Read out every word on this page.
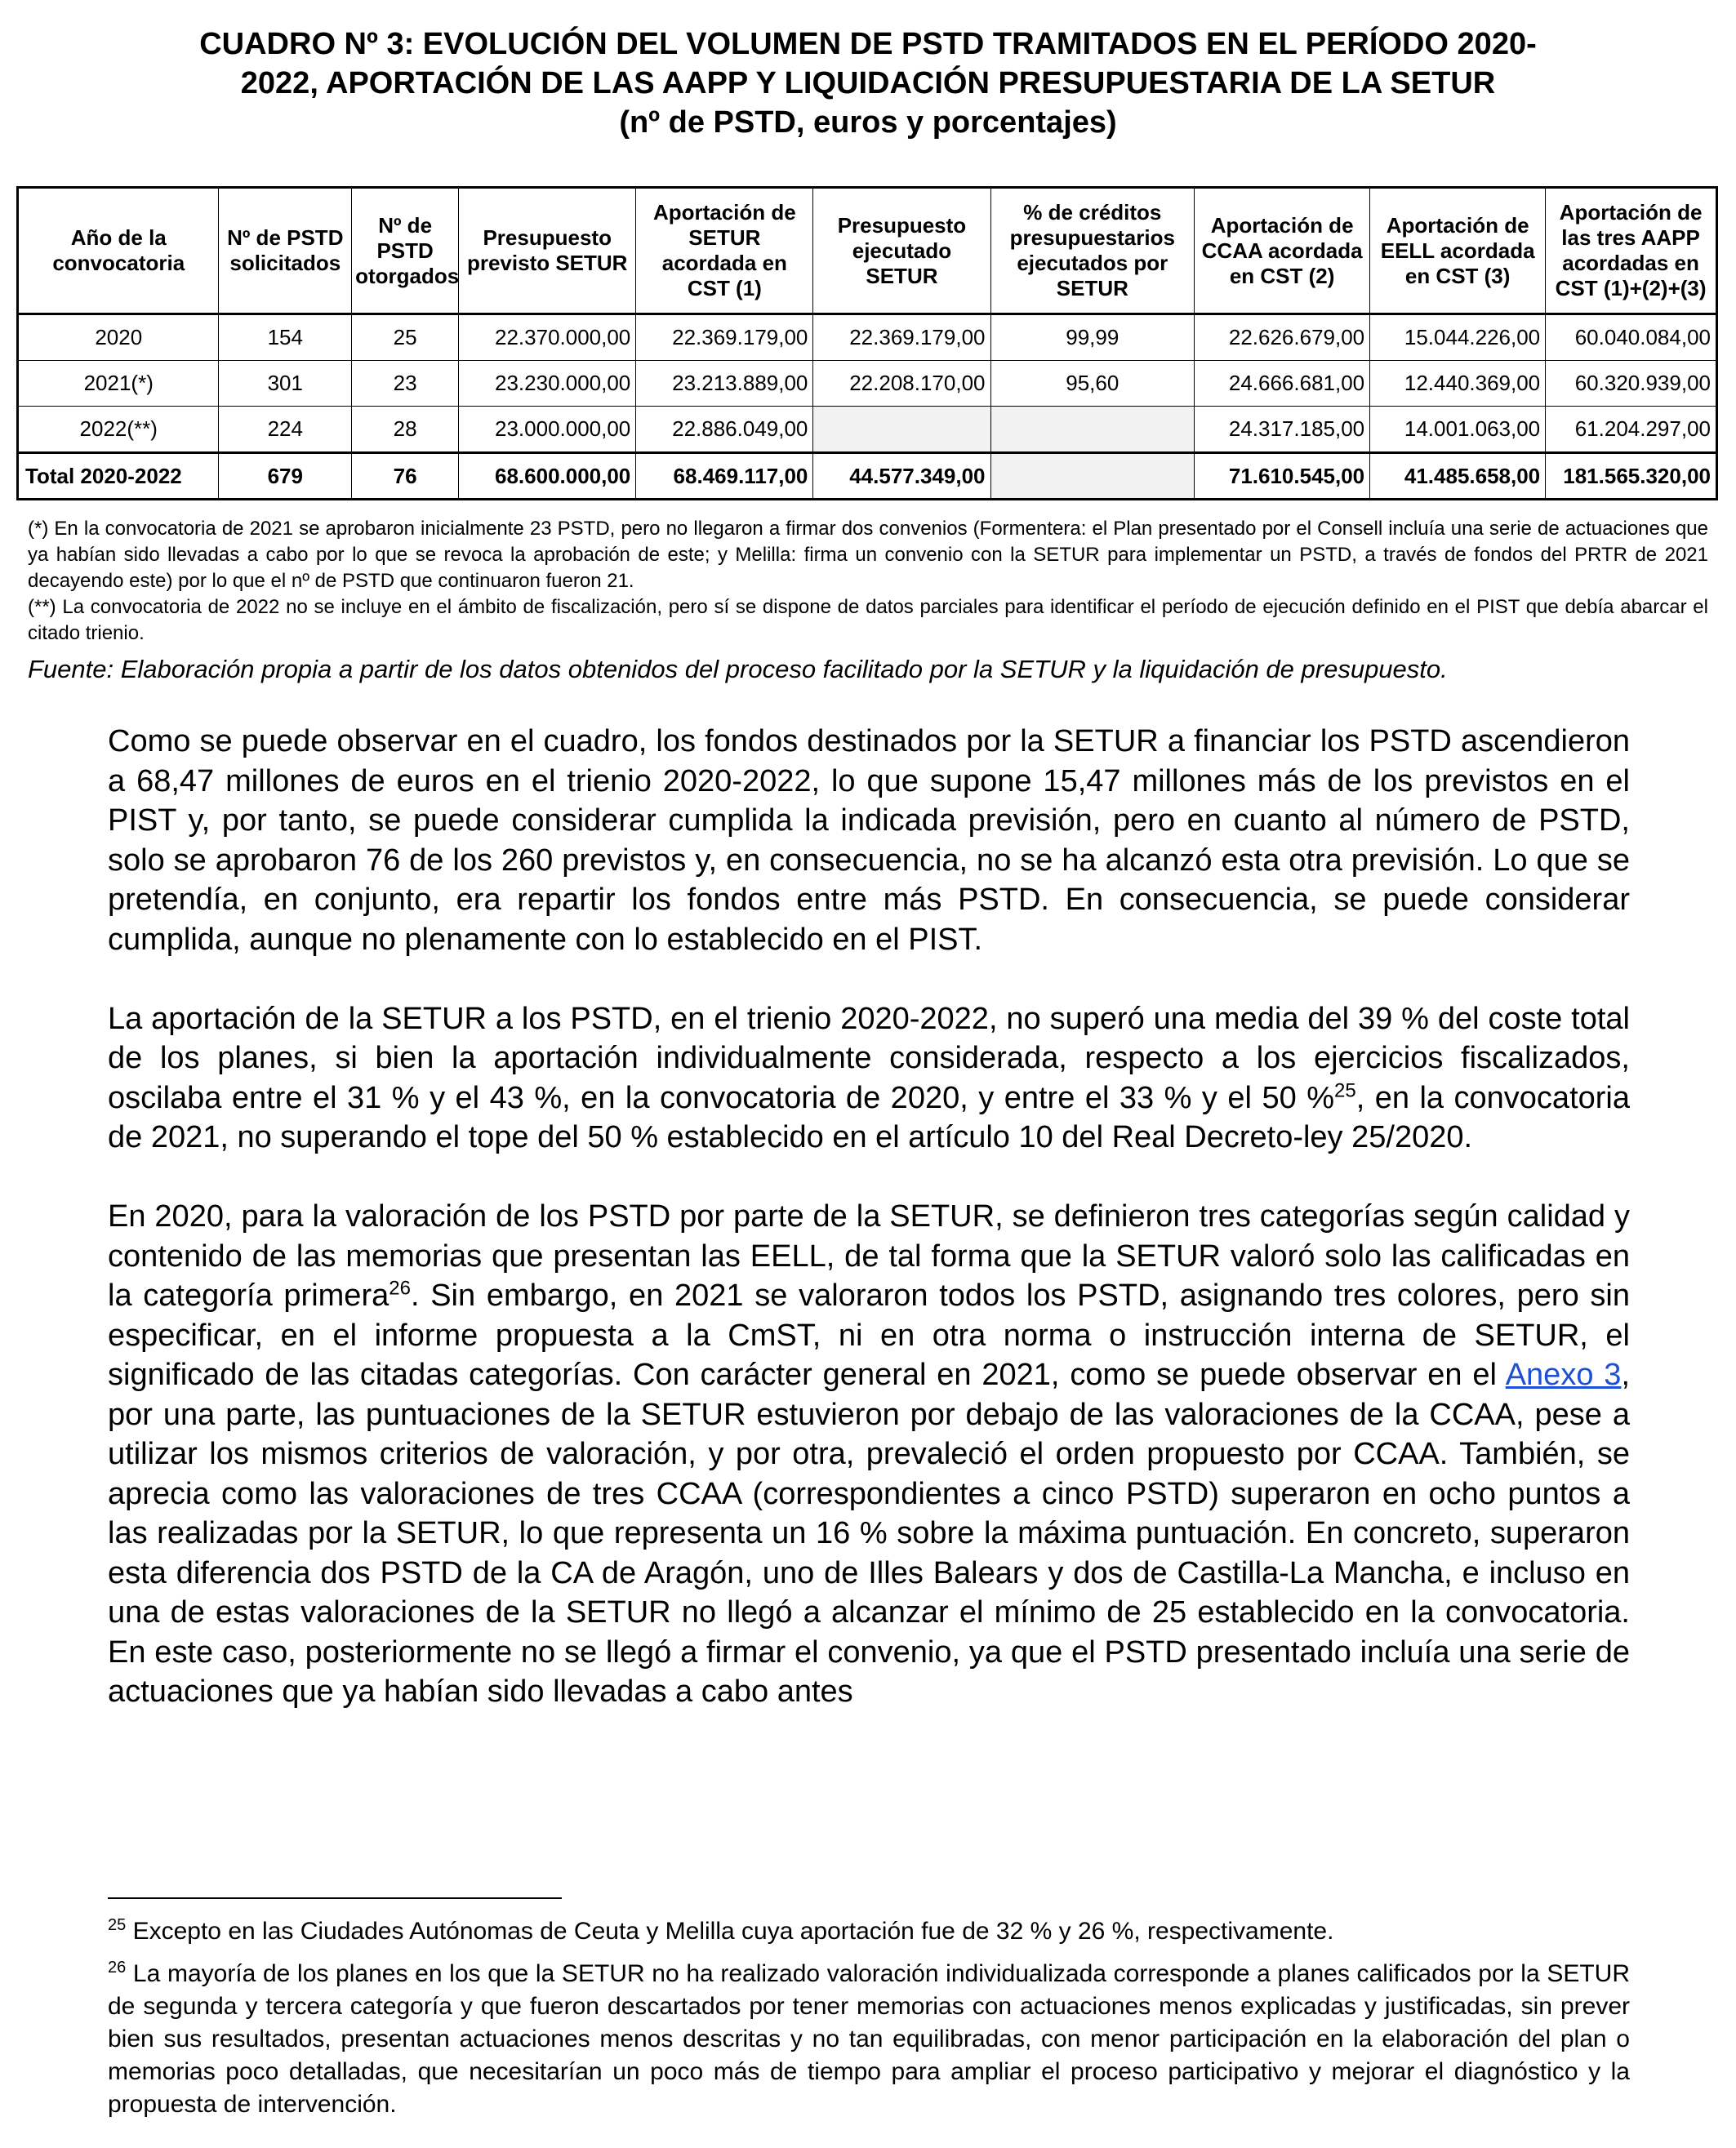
CUADRO Nº 3: EVOLUCIÓN DEL VOLUMEN DE PSTD TRAMITADOS EN EL PERÍODO 2020-
2022, APORTACIÓN DE LAS AAPP Y LIQUIDACIÓN PRESUPUESTARIA DE LA SETUR
(nº de PSTD, euros y porcentajes)
Año de la convocatoria	Nº de PSTD solicitados	Nº de PSTD otorgados	Presupuesto previsto SETUR	Aportación de SETUR acordada en CST (1)	Presupuesto ejecutado SETUR	% de créditos presupuestarios ejecutados por SETUR	Aportación de CCAA acordada en CST (2)	Aportación de EELL acordada en CST (3)	Aportación de las tres AAPP acordadas en CST (1)+(2)+(3)
2020	154	25	22.370.000,00	22.369.179,00	22.369.179,00	99,99	22.626.679,00	15.044.226,00	60.040.084,00
2021(*)	301	23	23.230.000,00	23.213.889,00	22.208.170,00	95,60	24.666.681,00	12.440.369,00	60.320.939,00
2022(**)	224	28	23.000.000,00	22.886.049,00			24.317.185,00	14.001.063,00	61.204.297,00
Total 2020-2022	679	76	68.600.000,00	68.469.117,00	44.577.349,00		71.610.545,00	41.485.658,00	181.565.320,00

(*) En la convocatoria de 2021 se aprobaron inicialmente 23 PSTD, pero no llegaron a firmar dos convenios (Formentera: el Plan presentado por el Consell incluía una serie de actuaciones que ya habían sido llevadas a cabo por lo que se revoca la aprobación de este; y Melilla: firma un convenio con la SETUR para implementar un PSTD, a través de fondos del PRTR de 2021 decayendo este) por lo que el nº de PSTD que continuaron fueron 21.

(**) La convocatoria de 2022 no se incluye en el ámbito de fiscalización, pero sí se dispone de datos parciales para identificar el período de ejecución definido en el PIST que debía abarcar el citado trienio.

Fuente: Elaboración propia a partir de los datos obtenidos del proceso facilitado por la SETUR y la liquidación de presupuesto.

Como se puede observar en el cuadro, los fondos destinados por la SETUR a financiar los PSTD ascendieron a 68,47 millones de euros en el trienio 2020-2022, lo que supone 15,47 millones más de los previstos en el PIST y, por tanto, se puede considerar cumplida la indicada previsión, pero en cuanto al número de PSTD, solo se aprobaron 76 de los 260 previstos y, en consecuencia, no se ha alcanzó esta otra previsión. Lo que se pretendía, en conjunto, era repartir los fondos entre más PSTD. En consecuencia, se puede considerar cumplida, aunque no plenamente con lo establecido en el PIST.

La aportación de la SETUR a los PSTD, en el trienio 2020-2022, no superó una media del 39 % del coste total de los planes, si bien la aportación individualmente considerada, respecto a los ejercicios fiscalizados, oscilaba entre el 31 % y el 43 %, en la convocatoria de 2020, y entre el 33 % y el 50 %$^{25}$, en la convocatoria de 2021, no superando el tope del 50 % establecido en el artículo 10 del Real Decreto-ley 25/2020.

En 2020, para la valoración de los PSTD por parte de la SETUR, se definieron tres categorías según calidad y contenido de las memorias que presentan las EELL, de tal forma que la SETUR valoró solo las calificadas en la categoría primera$^{26}$. Sin embargo, en 2021 se valoraron todos los PSTD, asignando tres colores, pero sin especificar, en el informe propuesta a la CmST, ni en otra norma o instrucción interna de SETUR, el significado de las citadas categorías. Con carácter general en 2021, como se puede observar en el Anexo 3, por una parte, las puntuaciones de la SETUR estuvieron por debajo de las valoraciones de la CCAA, pese a utilizar los mismos criterios de valoración, y por otra, prevaleció el orden propuesto por CCAA. También, se aprecia como las valoraciones de tres CCAA (correspondientes a cinco PSTD) superaron en ocho puntos a las realizadas por la SETUR, lo que representa un 16 % sobre la máxima puntuación. En concreto, superaron esta diferencia dos PSTD de la CA de Aragón, uno de Illes Balears y dos de Castilla-La Mancha, e incluso en una de estas valoraciones de la SETUR no llegó a alcanzar el mínimo de 25 establecido en la convocatoria. En este caso, posteriormente no se llegó a firmar el convenio, ya que el PSTD presentado incluía una serie de actuaciones que ya habían sido llevadas a cabo antes

$^{25}$ Excepto en las Ciudades Autónomas de Ceuta y Melilla cuya aportación fue de 32 % y 26 %, respectivamente.

$^{26}$ La mayoría de los planes en los que la SETUR no ha realizado valoración individualizada corresponde a planes calificados por la SETUR de segunda y tercera categoría y que fueron descartados por tener memorias con actuaciones menos explicadas y justificadas, sin prever bien sus resultados, presentan actuaciones menos descritas y no tan equilibradas, con menor participación en la elaboración del plan o memorias poco detalladas, que necesitarían un poco más de tiempo para ampliar el proceso participativo y mejorar el diagnóstico y la propuesta de intervención.
